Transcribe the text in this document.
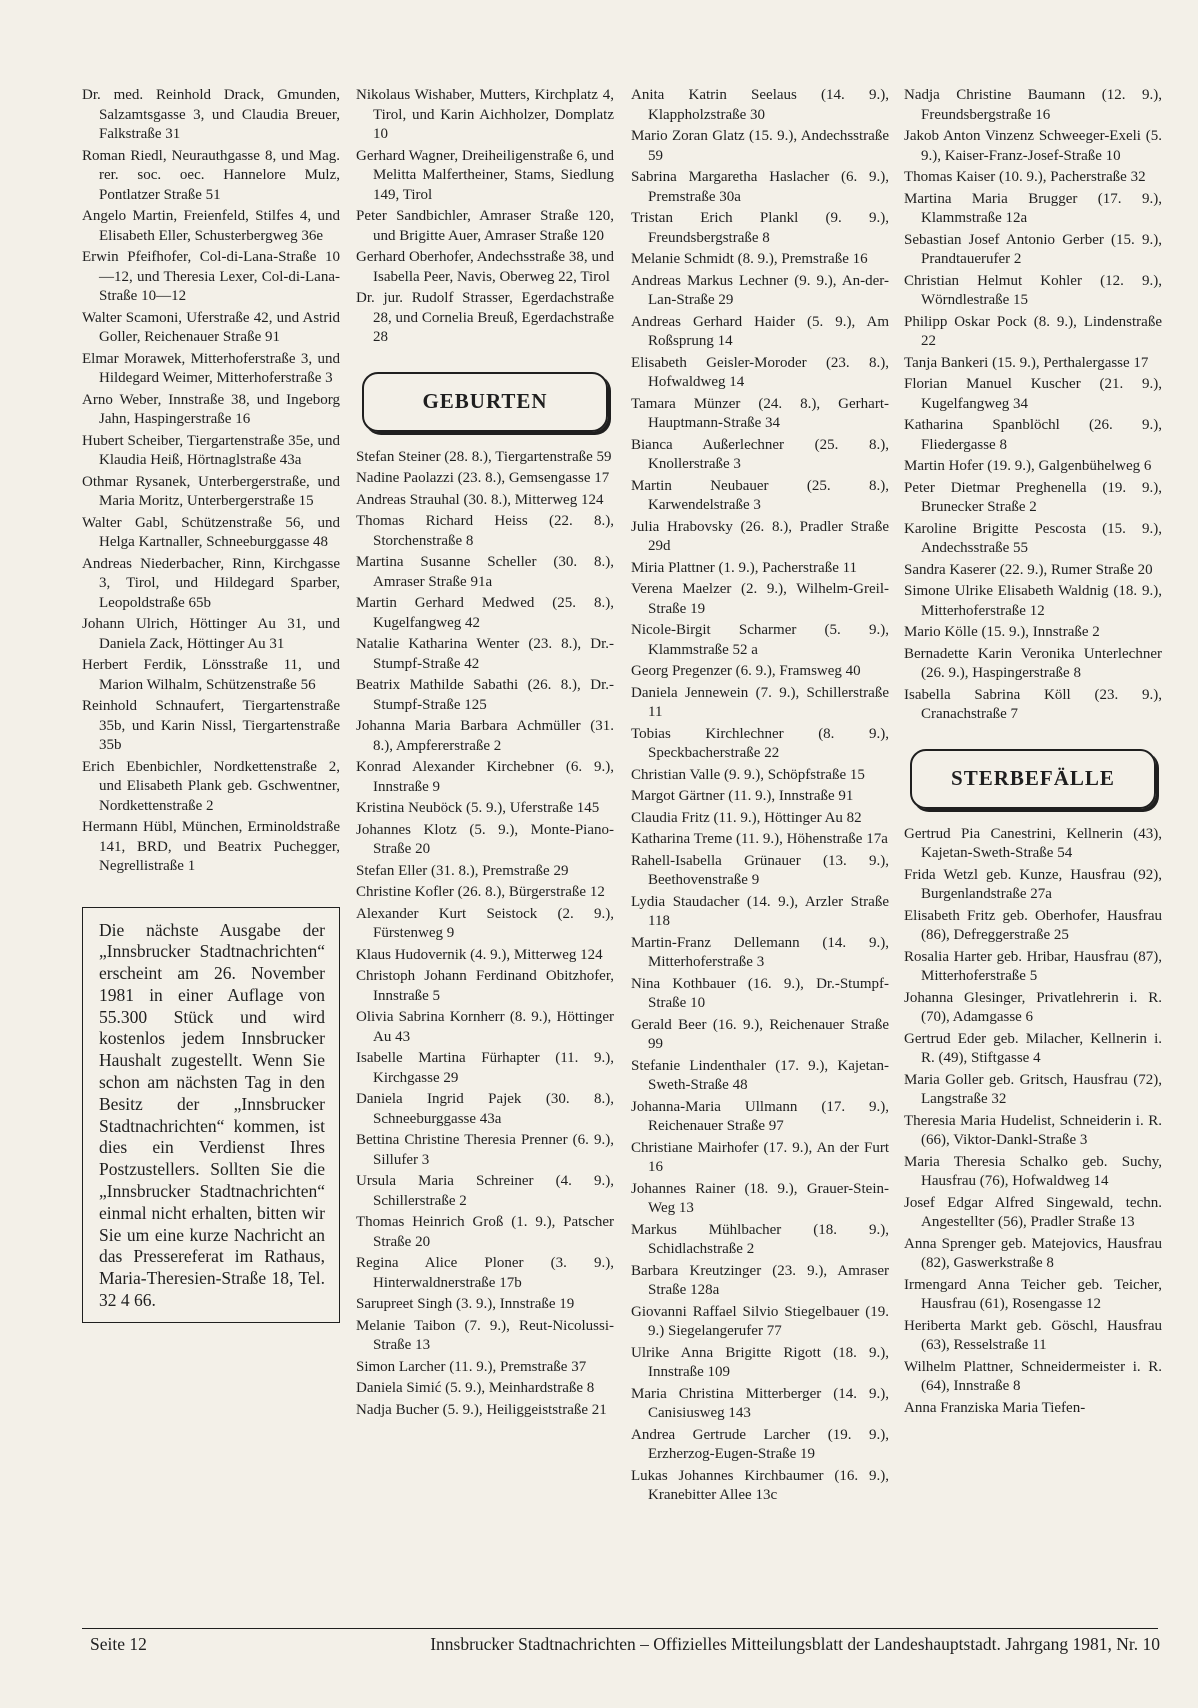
Dr. med. Reinhold Drack, Gmunden, Salzamtsgasse 3, und Claudia Breuer, Falkstraße 31
Roman Riedl, Neurauthgasse 8, und Mag. rer. soc. oec. Hannelore Mulz, Pontlatzer Straße 51
Angelo Martin, Freienfeld, Stilfes 4, und Elisabeth Eller, Schusterbergweg 36e
Erwin Pfeifhofer, Col-di-Lana-Straße 10—12, und Theresia Lexer, Col-di-Lana-Straße 10—12
Walter Scamoni, Uferstraße 42, und Astrid Goller, Reichenauer Straße 91
Elmar Morawek, Mitterhoferstraße 3, und Hildegard Weimer, Mitterhoferstraße 3
Arno Weber, Innstraße 38, und Ingeborg Jahn, Haspingerstraße 16
Hubert Scheiber, Tiergartenstraße 35e, und Klaudia Heiß, Hörtnaglstraße 43a
Othmar Rysanek, Unterbergerstraße, und Maria Moritz, Unterbergerstraße 15
Walter Gabl, Schützenstraße 56, und Helga Kartnaller, Schneeburggasse 48
Andreas Niederbacher, Rinn, Kirchgasse 3, Tirol, und Hildegard Sparber, Leopoldstraße 65b
Johann Ulrich, Höttinger Au 31, und Daniela Zack, Höttinger Au 31
Herbert Ferdik, Lönsstraße 11, und Marion Wilhalm, Schützenstraße 56
Reinhold Schnaufert, Tiergartenstraße 35b, und Karin Nissl, Tiergartenstraße 35b
Erich Ebenbichler, Nordkettenstraße 2, und Elisabeth Plank geb. Gschwentner, Nordkettenstraße 2
Hermann Hübl, München, Erminoldstraße 141, BRD, und Beatrix Puchegger, Negrellistraße 1
Die nächste Ausgabe der „Innsbrucker Stadtnachrichten“ erscheint am 26. November 1981 in einer Auflage von 55.300 Stück und wird kostenlos jedem Innsbrucker Haushalt zugestellt. Wenn Sie schon am nächsten Tag in den Besitz der „Innsbrucker Stadtnachrichten“ kommen, ist dies ein Verdienst Ihres Postzustellers. Sollten Sie die „Innsbrucker Stadtnachrichten“ einmal nicht erhalten, bitten wir Sie um eine kurze Nachricht an das Pressereferat im Rathaus, Maria-Theresien-Straße 18, Tel. 32 4 66.
Nikolaus Wishaber, Mutters, Kirchplatz 4, Tirol, und Karin Aichholzer, Domplatz 10
Gerhard Wagner, Dreiheiligenstraße 6, und Melitta Malfertheiner, Stams, Siedlung 149, Tirol
Peter Sandbichler, Amraser Straße 120, und Brigitte Auer, Amraser Straße 120
Gerhard Oberhofer, Andechsstraße 38, und Isabella Peer, Navis, Oberweg 22, Tirol
Dr. jur. Rudolf Strasser, Egerdachstraße 28, und Cornelia Breuß, Egerdachstraße 28
GEBURTEN
Stefan Steiner (28. 8.), Tiergartenstraße 59
Nadine Paolazzi (23. 8.), Gemsengasse 17
Andreas Strauhal (30. 8.), Mitterweg 124
Thomas Richard Heiss (22. 8.), Storchenstraße 8
Martina Susanne Scheller (30. 8.), Amraser Straße 91a
Martin Gerhard Medwed (25. 8.), Kugelfangweg 42
Natalie Katharina Wenter (23. 8.), Dr.-Stumpf-Straße 42
Beatrix Mathilde Sabathi (26. 8.), Dr.-Stumpf-Straße 125
Johanna Maria Barbara Achmüller (31. 8.), Ampfererstraße 2
Konrad Alexander Kirchebner (6. 9.), Innstraße 9
Kristina Neuböck (5. 9.), Uferstraße 145
Johannes Klotz (5. 9.), Monte-Piano-Straße 20
Stefan Eller (31. 8.), Premstraße 29
Christine Kofler (26. 8.), Bürgerstraße 12
Alexander Kurt Seistock (2. 9.), Fürstenweg 9
Klaus Hudovernik (4. 9.), Mitterweg 124
Christoph Johann Ferdinand Obitzhofer, Innstraße 5
Olivia Sabrina Kornherr (8. 9.), Höttinger Au 43
Isabelle Martina Fürhapter (11. 9.), Kirchgasse 29
Daniela Ingrid Pajek (30. 8.), Schneeburggasse 43a
Bettina Christine Theresia Prenner (6. 9.), Sillufer 3
Ursula Maria Schreiner (4. 9.), Schillerstraße 2
Thomas Heinrich Groß (1. 9.), Patscher Straße 20
Regina Alice Ploner (3. 9.), Hinterwaldnerstraße 17b
Sarupreet Singh (3. 9.), Innstraße 19
Melanie Taibon (7. 9.), Reut-Nicolussi-Straße 13
Simon Larcher (11. 9.), Premstraße 37
Daniela Simić (5. 9.), Meinhardstraße 8
Nadja Bucher (5. 9.), Heiliggeiststraße 21
Anita Katrin Seelaus (14. 9.), Klappholzstraße 30
Mario Zoran Glatz (15. 9.), Andechsstraße 59
Sabrina Margaretha Haslacher (6. 9.), Premstraße 30a
Tristan Erich Plankl (9. 9.), Freundsbergstraße 8
Melanie Schmidt (8. 9.), Premstraße 16
Andreas Markus Lechner (9. 9.), An-der-Lan-Straße 29
Andreas Gerhard Haider (5. 9.), Am Roßsprung 14
Elisabeth Geisler-Moroder (23. 8.), Hofwaldweg 14
Tamara Münzer (24. 8.), Gerhart-Hauptmann-Straße 34
Bianca Außerlechner (25. 8.), Knollerstraße 3
Martin Neubauer (25. 8.), Karwendelstraße 3
Julia Hrabovsky (26. 8.), Pradler Straße 29d
Miria Plattner (1. 9.), Pacherstraße 11
Verena Maelzer (2. 9.), Wilhelm-Greil-Straße 19
Nicole-Birgit Scharmer (5. 9.), Klammstraße 52 a
Georg Pregenzer (6. 9.), Framsweg 40
Daniela Jennewein (7. 9.), Schillerstraße 11
Tobias Kirchlechner (8. 9.), Speckbacherstraße 22
Christian Valle (9. 9.), Schöpfstraße 15
Margot Gärtner (11. 9.), Innstraße 91
Claudia Fritz (11. 9.), Höttinger Au 82
Katharina Treme (11. 9.), Höhenstraße 17a
Rahell-Isabella Grünauer (13. 9.), Beethovenstraße 9
Lydia Staudacher (14. 9.), Arzler Straße 118
Martin-Franz Dellemann (14. 9.), Mitterhoferstraße 3
Nina Kothbauer (16. 9.), Dr.-Stumpf-Straße 10
Gerald Beer (16. 9.), Reichenauer Straße 99
Stefanie Lindenthaler (17. 9.), Kajetan-Sweth-Straße 48
Johanna-Maria Ullmann (17. 9.), Reichenauer Straße 97
Christiane Mairhofer (17. 9.), An der Furt 16
Johannes Rainer (18. 9.), Grauer-Stein-Weg 13
Markus Mühlbacher (18. 9.), Schidlachstraße 2
Barbara Kreutzinger (23. 9.), Amraser Straße 128a
Giovanni Raffael Silvio Stiegelbauer (19. 9.) Siegelangerufer 77
Ulrike Anna Brigitte Rigott (18. 9.), Innstraße 109
Maria Christina Mitterberger (14. 9.), Canisiusweg 143
Andrea Gertrude Larcher (19. 9.), Erzherzog-Eugen-Straße 19
Lukas Johannes Kirchbaumer (16. 9.), Kranebitter Allee 13c
Nadja Christine Baumann (12. 9.), Freundsbergstraße 16
Jakob Anton Vinzenz Schweeger-Exeli (5. 9.), Kaiser-Franz-Josef-Straße 10
Thomas Kaiser (10. 9.), Pacherstraße 32
Martina Maria Brugger (17. 9.), Klammstraße 12a
Sebastian Josef Antonio Gerber (15. 9.), Prandtauerufer 2
Christian Helmut Kohler (12. 9.), Wörndlestraße 15
Philipp Oskar Pock (8. 9.), Lindenstraße 22
Tanja Bankeri (15. 9.), Perthalergasse 17
Florian Manuel Kuscher (21. 9.), Kugelfangweg 34
Katharina Spanblöchl (26. 9.), Fliedergasse 8
Martin Hofer (19. 9.), Galgenbühelweg 6
Peter Dietmar Preghenella (19. 9.), Brunecker Straße 2
Karoline Brigitte Pescosta (15. 9.), Andechsstraße 55
Sandra Kaserer (22. 9.), Rumer Straße 20
Simone Ulrike Elisabeth Waldnig (18. 9.), Mitterhoferstraße 12
Mario Kölle (15. 9.), Innstraße 2
Bernadette Karin Veronika Unterlechner (26. 9.), Haspingerstraße 8
Isabella Sabrina Köll (23. 9.), Cranachstraße 7
STERBEFÄLLE
Gertrud Pia Canestrini, Kellnerin (43), Kajetan-Sweth-Straße 54
Frida Wetzl geb. Kunze, Hausfrau (92), Burgenlandstraße 27a
Elisabeth Fritz geb. Oberhofer, Hausfrau (86), Defreggerstraße 25
Rosalia Harter geb. Hribar, Hausfrau (87), Mitterhoferstraße 5
Johanna Glesinger, Privatlehrerin i. R. (70), Adamgasse 6
Gertrud Eder geb. Milacher, Kellnerin i. R. (49), Stiftgasse 4
Maria Goller geb. Gritsch, Hausfrau (72), Langstraße 32
Theresia Maria Hudelist, Schneiderin i. R. (66), Viktor-Dankl-Straße 3
Maria Theresia Schalko geb. Suchy, Hausfrau (76), Hofwaldweg 14
Josef Edgar Alfred Singewald, techn. Angestellter (56), Pradler Straße 13
Anna Sprenger geb. Matejovics, Hausfrau (82), Gaswerkstraße 8
Irmengard Anna Teicher geb. Teicher, Hausfrau (61), Rosengasse 12
Heriberta Markt geb. Göschl, Hausfrau (63), Resselstraße 11
Wilhelm Plattner, Schneidermeister i. R. (64), Innstraße 8
Anna Franziska Maria Tiefen-
Seite 12	Innsbrucker Stadtnachrichten – Offizielles Mitteilungsblatt der Landeshauptstadt. Jahrgang 1981, Nr. 10
